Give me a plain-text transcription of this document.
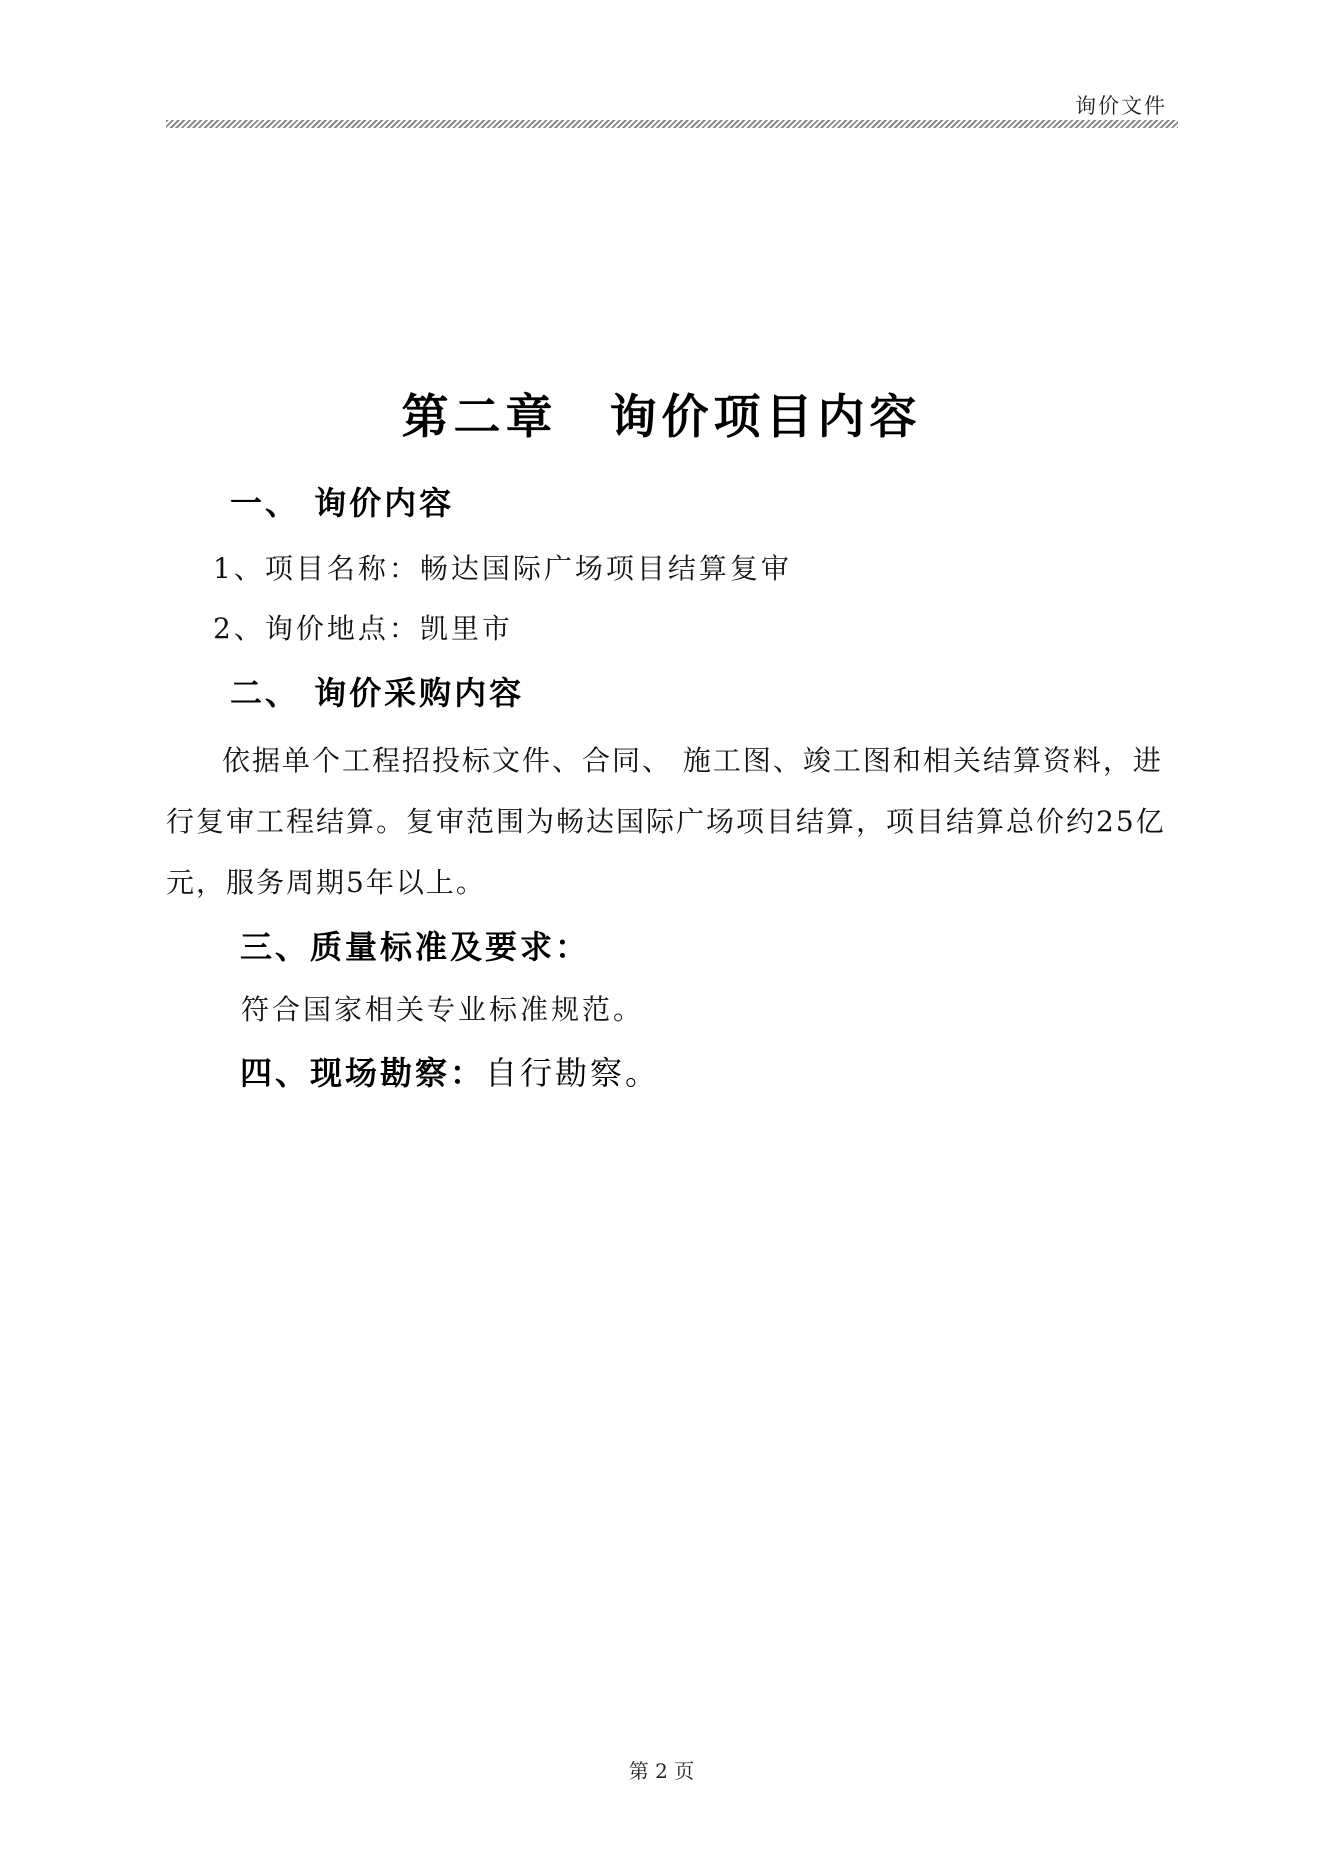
询价文件
第二章　询价项目内容
一、 询价内容
1、项目名称：畅达国际广场项目结算复审
2、询价地点：凯里市
二、 询价采购内容

依据单个工程招投标文件、合同、 施工图、竣工图和相关结算资料，进行复审工程结算。复审范围为畅达国际广场项目结算，项目结算总价约25亿元，服务周期5年以上。

三、质量标准及要求：
符合国家相关专业标准规范。
四、现场勘察：自行勘察。
第 2 页
